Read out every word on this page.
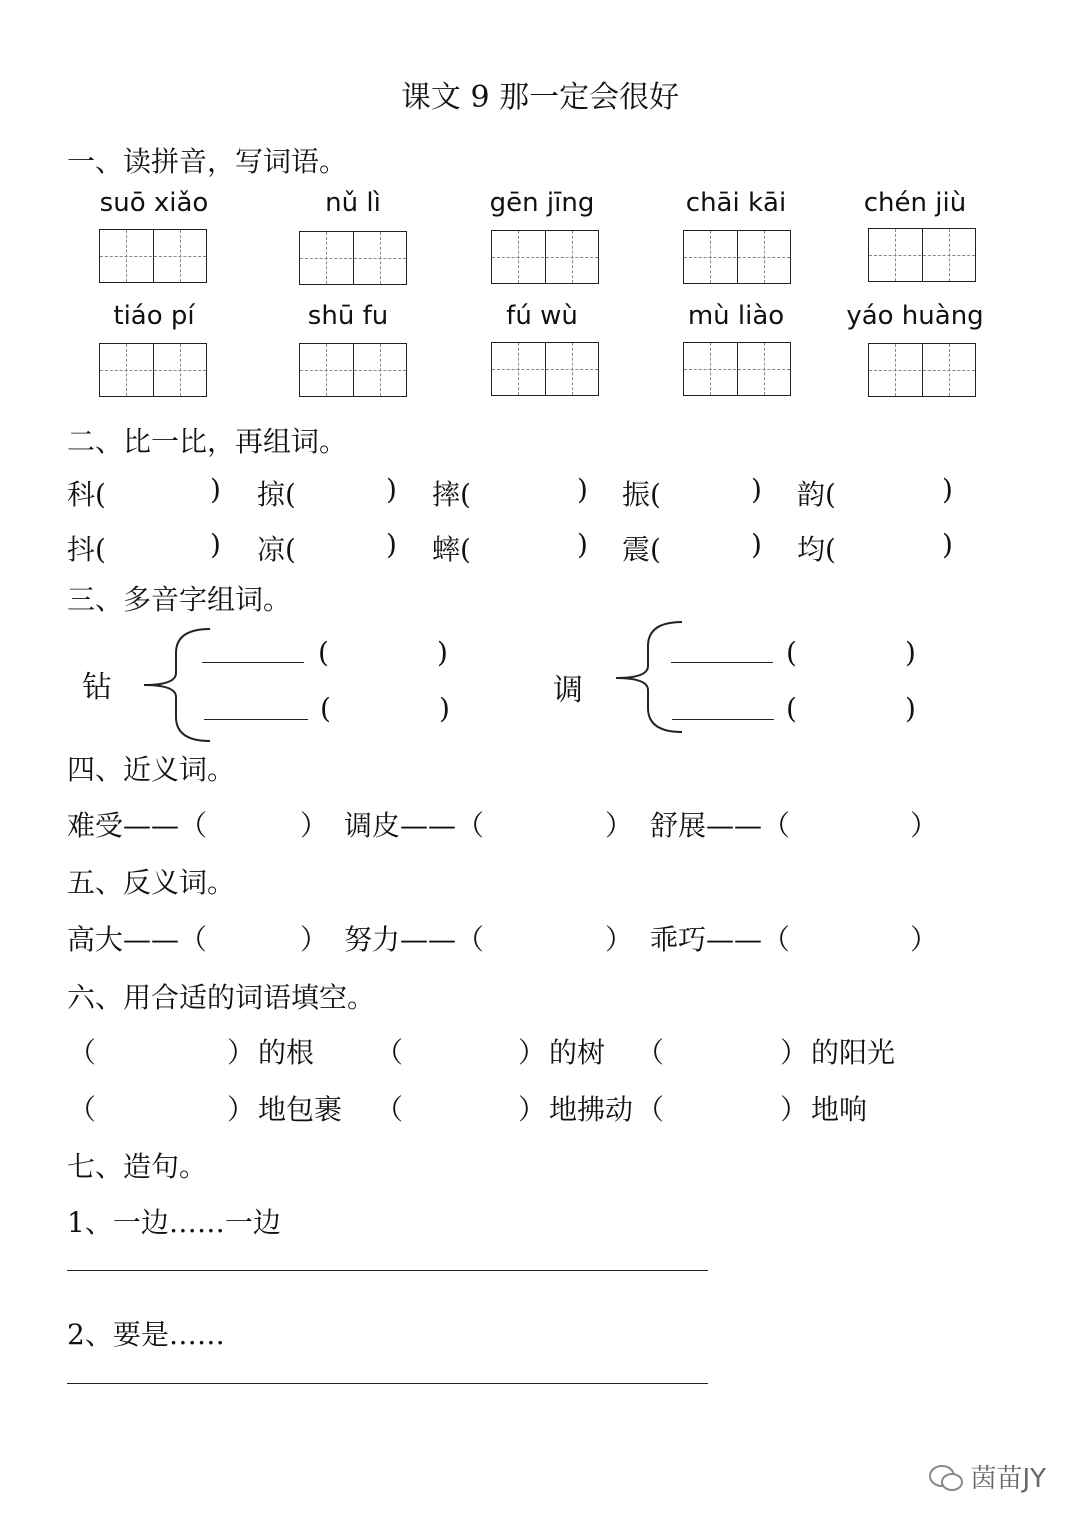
课文 9 那一定会很好
一、读拼音，写词语。
suō xiǎo	nǔ lì	gēn jīng	chāi kāi	chén jiù
tiáo pí	shū fu	fú wù	mù liào	yáo huàng
二、比一比，再组词。
科(	) 掠(	) 摔(	) 振(	) 韵(	)
抖(	) 凉(	) 蟀(	) 震(	) 均(	)
三、多音字组词。
钻
(	)
(	)
调
(	)
(	)
四、近义词。
难受——（	） 调皮——（	） 舒展——（	）
五、反义词。
高大——（	） 努力——（	） 乖巧——（	）
六、用合适的词语填空。
（	） 的根 （	） 的树 （	） 的阳光
（	） 地包裹 （	） 地拂动 （	） 地响
七、造句。
1、一边……一边
2、要是……
茵苗JY
